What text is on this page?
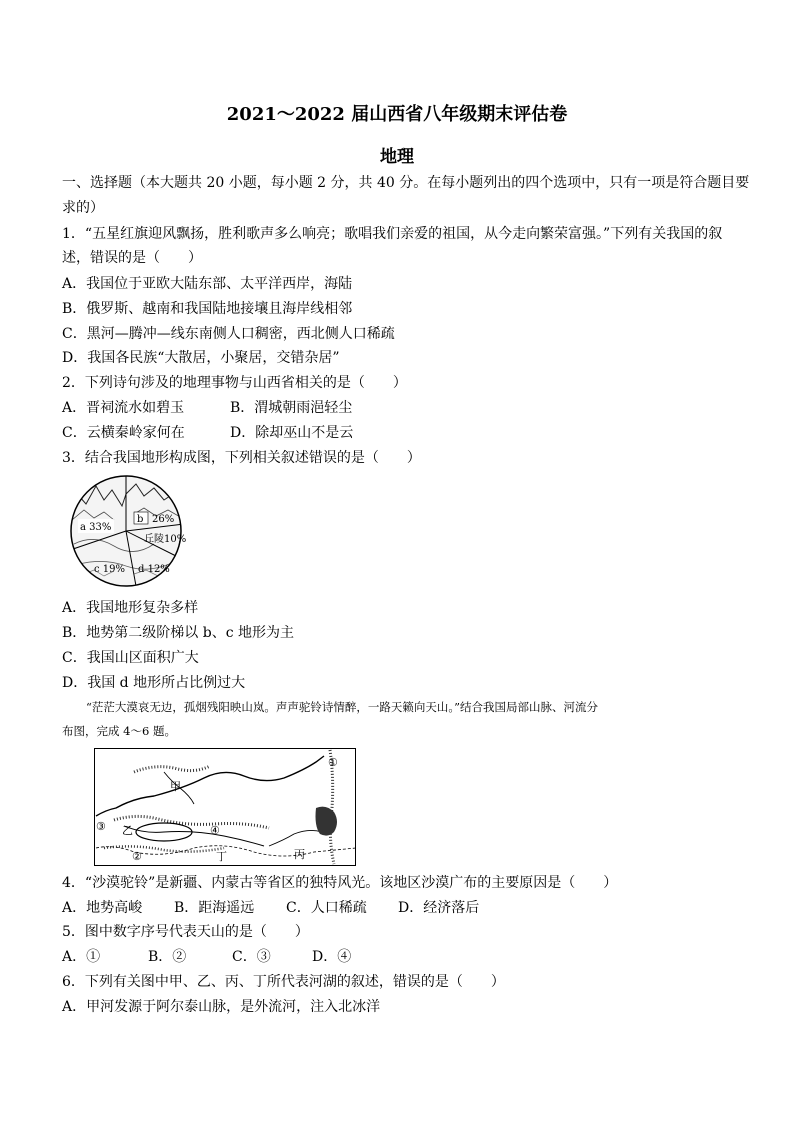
2021～2022 届山西省八年级期末评估卷
地理
一、选择题（本大题共 20 小题，每小题 2 分，共 40 分。在每小题列出的四个选项中，只有一项是符合题目要
求的）
1．“五星红旗迎风飘扬，胜利歌声多么响亮；歌唱我们亲爱的祖国，从今走向繁荣富强。”下列有关我国的叙
述，错误的是（　　）
A．我国位于亚欧大陆东部、太平洋西岸，海陆
B．俄罗斯、越南和我国陆地接壤且海岸线相邻
C．黑河—腾冲—线东南侧人口稠密，西北侧人口稀疏
D．我国各民族“大散居，小聚居，交错杂居”
2．下列诗句涉及的地理事物与山西省相关的是（　　）
A．晋祠流水如碧玉	B．渭城朝雨浥轻尘
C．云横秦岭家何在	D．除却巫山不是云
3．结合我国地形构成图，下列相关叙述错误的是（　　）
a 33%
b 26%
丘陵10%
c 19% d 12%
A．我国地形复杂多样
B．地势第二级阶梯以 b、c 地形为主
C．我国山区面积广大
D．我国 d 地形所占比例过大
“茫茫大漠哀无边，孤烟残阳映山岚。声声驼铃诗情醉，一路天籁向天山。”结合我国局部山脉、河流分
布图，完成 4～6 题。
甲
乙
丙
丁
①
②
③	④
4．“沙漠驼铃”是新疆、内蒙古等省区的独特风光。该地区沙漠广布的主要原因是（　　）
A．地势高峻 B．距海遥远 C．人口稀疏 D．经济落后
5．图中数字序号代表天山的是（　　）
A．①	B．②	C．③	D．④
6．下列有关图中甲、乙、丙、丁所代表河湖的叙述，错误的是（　　）
A．甲河发源于阿尔泰山脉，是外流河，注入北冰洋
